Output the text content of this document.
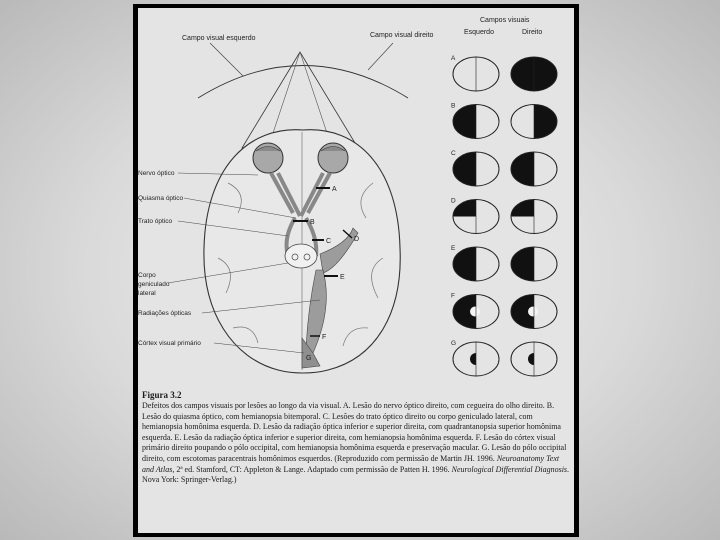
A
B
C	D
E
F
G
Campo visual esquerdo	Campo visual direito
Campos visuais
Esquerdo	Direito
Nervo óptico
Quiasma óptico
Trato óptico
Corpo
geniculado
lateral
Radiações ópticas
Córtex visual primário
A
B
C
D
E
F
G
Figura 3.2
Defeitos dos campos visuais por lesões ao longo da via visual. A. Lesão do nervo óptico direito, com cegueira do olho direito. B. Lesão do quiasma óptico, com hemianopsia bitemporal. C. Lesões do trato óptico direito ou corpo geniculado lateral, com hemianopsia homônima esquerda. D. Lesão da radiação óptica inferior e superior direita, com quadrantanopsia superior homônima esquerda. E. Lesão da radiação óptica inferior e superior direita, com hemianopsia homônima esquerda. F. Lesão do córtex visual primário direito poupando o pólo occipital, com hemianopsia homônima esquerda e preservação macular. G. Lesão do pólo occipital direito, com escotomas paracentrais homônimos esquerdos. (Reproduzido com permissão de Martin JH. 1996. Neuroanatomy Text and Atlas, 2ª ed. Stamford, CT: Appleton & Lange. Adaptado com permissão de Patten H. 1996. Neurological Differential Diagnosis. Nova York: Springer-Verlag.)
